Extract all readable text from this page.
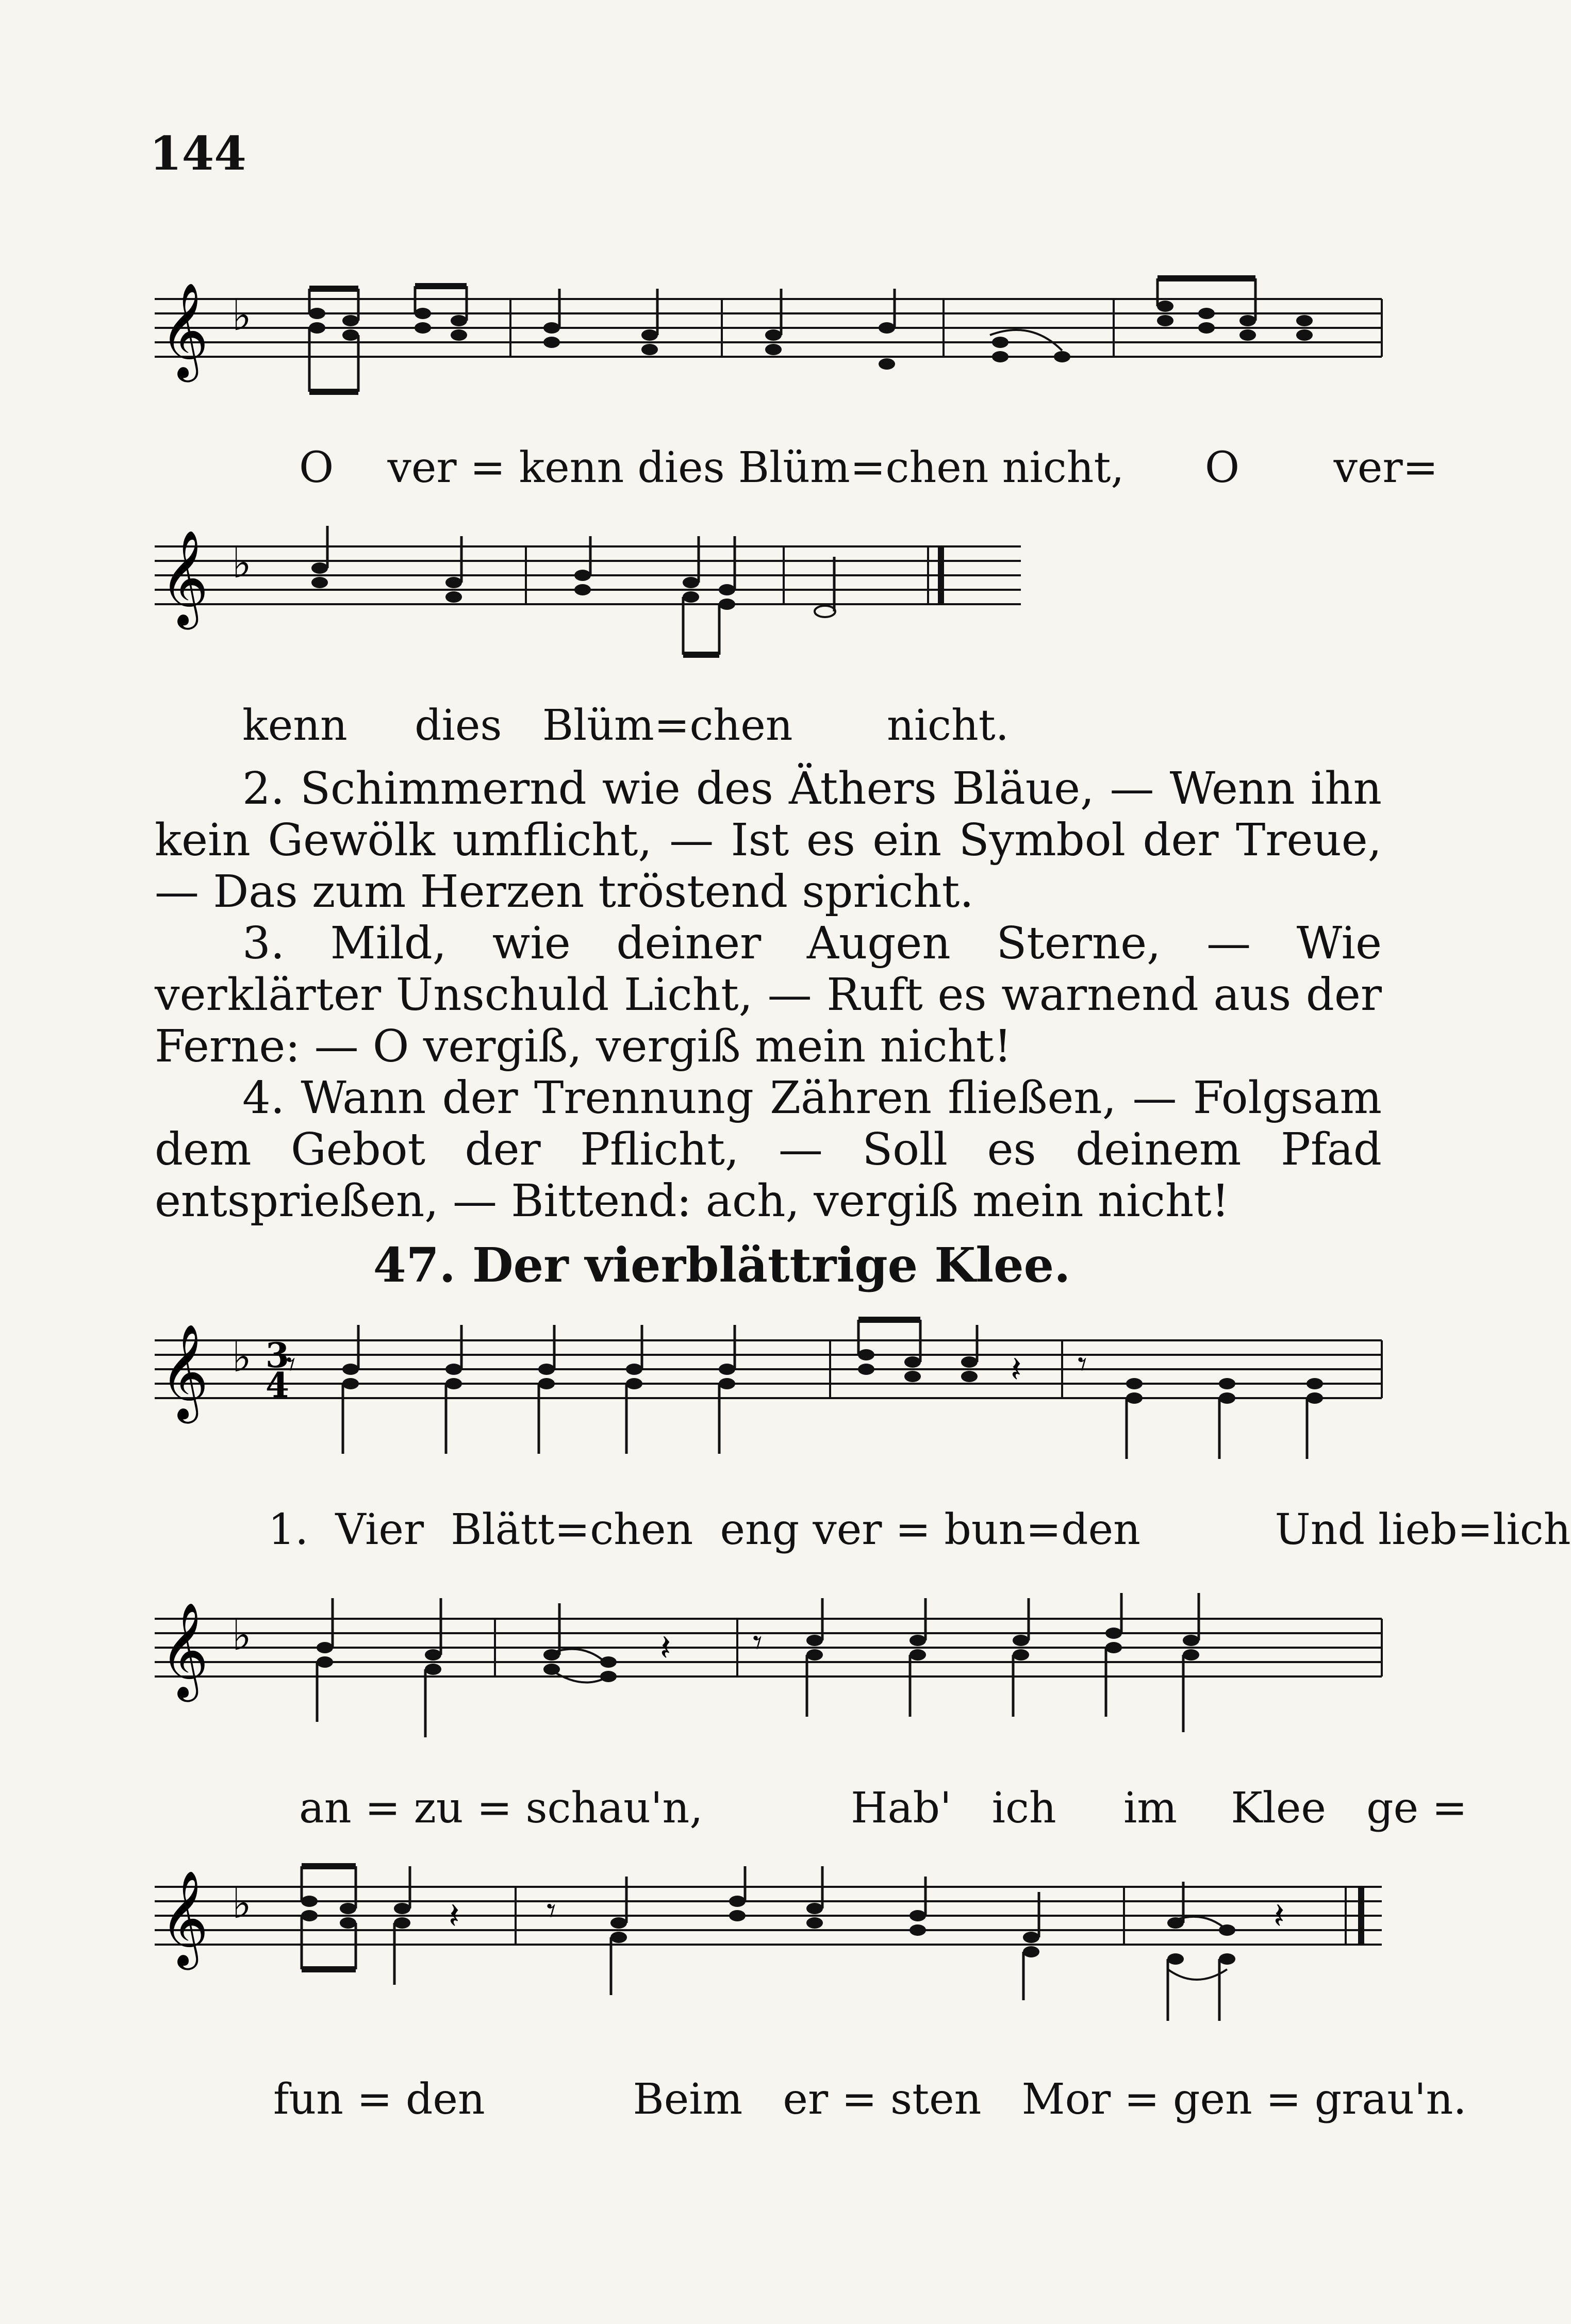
144
𝄞 ♭
O ver = kenn dies Blüm=chen nicht, O ver=
𝄞 ♭
kenn dies Blüm=chen nicht.

2. Schimmernd wie des Äthers Bläue, — Wenn ihn kein Gewölk umflicht, — Ist es ein Symbol der Treue, — Das zum Herzen tröstend spricht.

3. Mild, wie deiner Augen Sterne, — Wie verklärter Unschuld Licht, — Ruft es warnend aus der Ferne: — O vergiß, vergiß mein nicht!

4. Wann der Trennung Zähren fließen, — Folgsam dem Gebot der Pflicht, — Soll es deinem Pfad entsprießen, — Bittend: ach, vergiß mein nicht!

47. Der vierblättrige Klee.
𝄞 ♭ 3
4
𝄾	𝄽 𝄾
1. Vier Blätt=chen eng ver = bun=den	Und lieb=lich
𝄞 ♭	𝄽 𝄾
an = zu = schau'n,	Hab' ich im Klee ge =
𝄞 ♭	𝄽 𝄾	𝄽
fun = den	Beim er = sten Mor = gen = grau'n.
